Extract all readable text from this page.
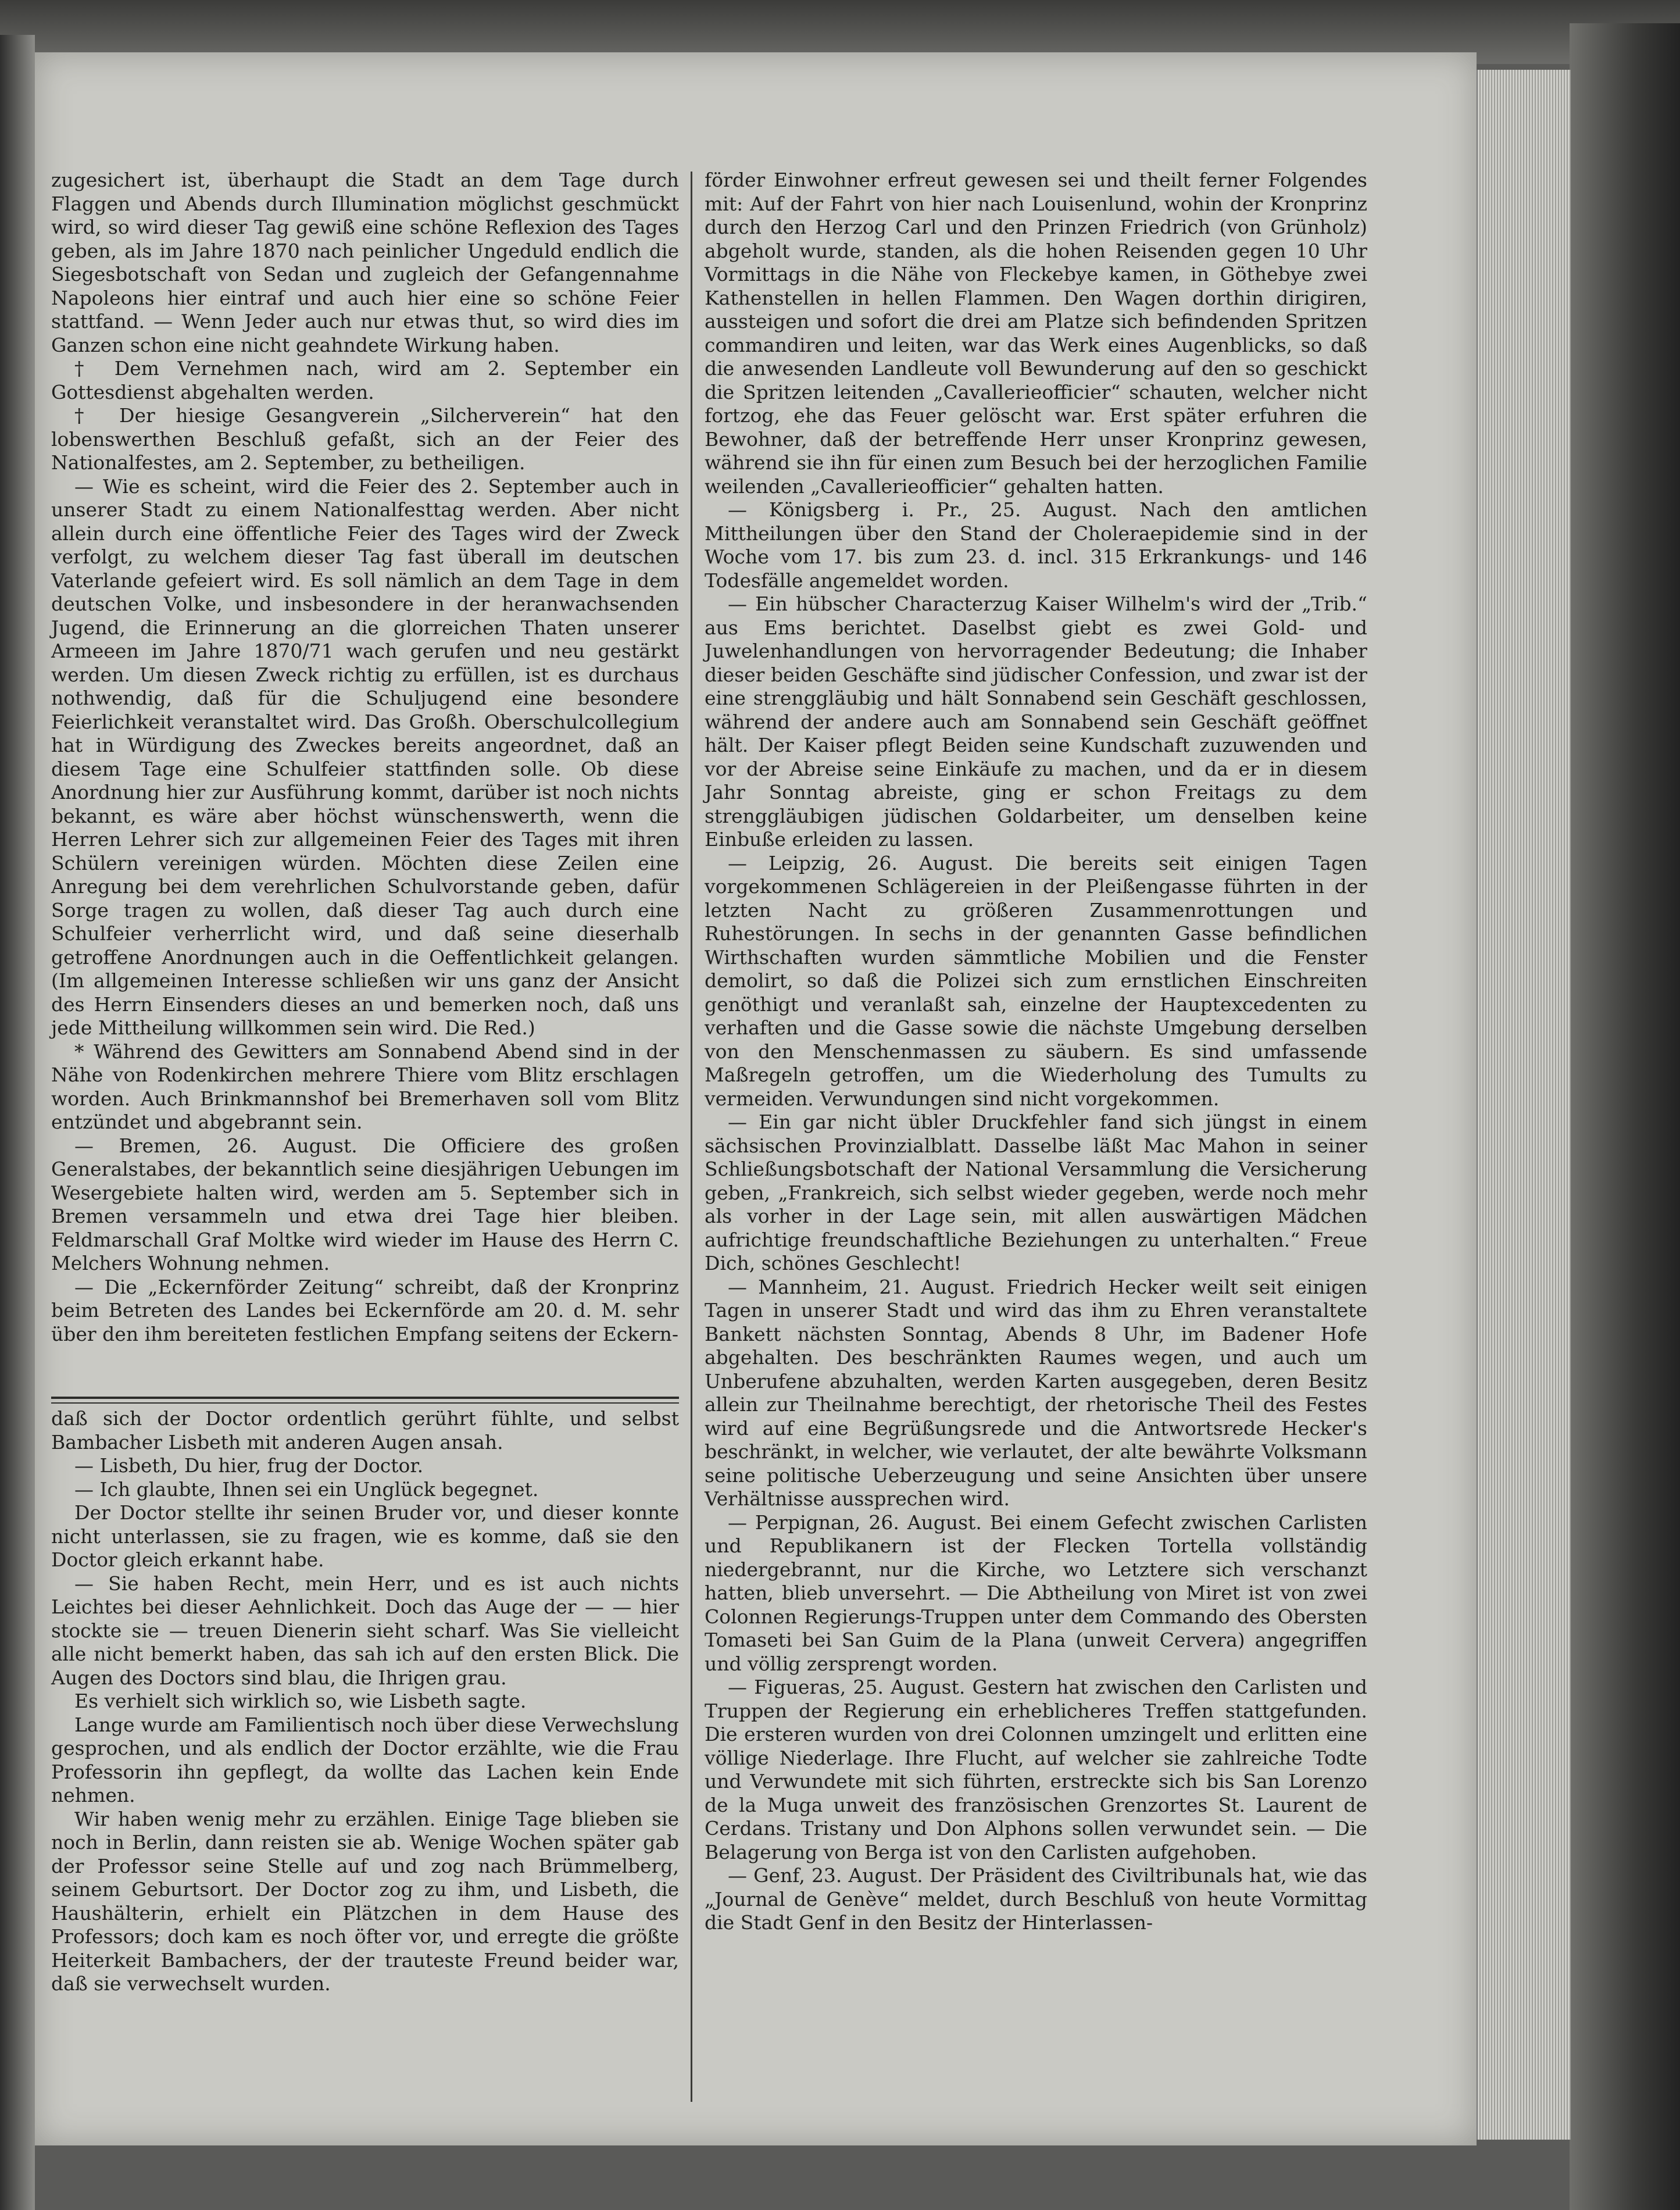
zugesichert ist, überhaupt die Stadt an dem Tage durch Flaggen und Abends durch Illumination möglichst geschmückt wird, so wird dieser Tag gewiß eine schöne Reflexion des Tages geben, als im Jahre 1870 nach peinlicher Ungeduld endlich die Siegesbotschaft von Sedan und zugleich der Gefangennahme Napoleons hier eintraf und auch hier eine so schöne Feier stattfand. — Wenn Jeder auch nur etwas thut, so wird dies im Ganzen schon eine nicht geahndete Wirkung haben.

† Dem Vernehmen nach, wird am 2. September ein Gottesdienst abgehalten werden.

† Der hiesige Gesangverein „Silcherverein“ hat den lobenswerthen Beschluß gefaßt, sich an der Feier des Nationalfestes, am 2. September, zu betheiligen.

— Wie es scheint, wird die Feier des 2. September auch in unserer Stadt zu einem Nationalfesttag werden. Aber nicht allein durch eine öffentliche Feier des Tages wird der Zweck verfolgt, zu welchem dieser Tag fast überall im deutschen Vaterlande gefeiert wird. Es soll nämlich an dem Tage in dem deutschen Volke, und insbesondere in der heranwachsenden Jugend, die Erinnerung an die glorreichen Thaten unserer Armeeen im Jahre 1870/71 wach gerufen und neu gestärkt werden. Um diesen Zweck richtig zu erfüllen, ist es durchaus nothwendig, daß für die Schuljugend eine besondere Feierlichkeit veranstaltet wird. Das Großh. Oberschulcollegium hat in Würdigung des Zweckes bereits angeordnet, daß an diesem Tage eine Schulfeier stattfinden solle. Ob diese Anordnung hier zur Ausführung kommt, darüber ist noch nichts bekannt, es wäre aber höchst wünschenswerth, wenn die Herren Lehrer sich zur allgemeinen Feier des Tages mit ihren Schülern vereinigen würden. Möchten diese Zeilen eine Anregung bei dem verehrlichen Schulvorstande geben, dafür Sorge tragen zu wollen, daß dieser Tag auch durch eine Schulfeier verherrlicht wird, und daß seine dieserhalb getroffene Anordnungen auch in die Oeffentlichkeit gelangen. (Im allgemeinen Interesse schließen wir uns ganz der Ansicht des Herrn Einsenders dieses an und bemerken noch, daß uns jede Mittheilung willkommen sein wird. Die Red.)

* Während des Gewitters am Sonnabend Abend sind in der Nähe von Rodenkirchen mehrere Thiere vom Blitz erschlagen worden. Auch Brinkmannshof bei Bremerhaven soll vom Blitz entzündet und abgebrannt sein.

— Bremen, 26. August. Die Officiere des großen Generalstabes, der bekanntlich seine diesjährigen Uebungen im Wesergebiete halten wird, werden am 5. September sich in Bremen versammeln und etwa drei Tage hier bleiben. Feldmarschall Graf Moltke wird wieder im Hause des Herrn C. Melchers Wohnung nehmen.

— Die „Eckernförder Zeitung“ schreibt, daß der Kronprinz beim Betreten des Landes bei Eckernförde am 20. d. M. sehr über den ihm bereiteten festlichen Empfang seitens der Eckern-

daß sich der Doctor ordentlich gerührt fühlte, und selbst Bambacher Lisbeth mit anderen Augen ansah.

— Lisbeth, Du hier, frug der Doctor.

— Ich glaubte, Ihnen sei ein Unglück begegnet.

Der Doctor stellte ihr seinen Bruder vor, und dieser konnte nicht unterlassen, sie zu fragen, wie es komme, daß sie den Doctor gleich erkannt habe.

— Sie haben Recht, mein Herr, und es ist auch nichts Leichtes bei dieser Aehnlichkeit. Doch das Auge der — — hier stockte sie — treuen Dienerin sieht scharf. Was Sie vielleicht alle nicht bemerkt haben, das sah ich auf den ersten Blick. Die Augen des Doctors sind blau, die Ihrigen grau.

Es verhielt sich wirklich so, wie Lisbeth sagte.

Lange wurde am Familientisch noch über diese Verwechslung gesprochen, und als endlich der Doctor erzählte, wie die Frau Professorin ihn gepflegt, da wollte das Lachen kein Ende nehmen.

Wir haben wenig mehr zu erzählen. Einige Tage blieben sie noch in Berlin, dann reisten sie ab. Wenige Wochen später gab der Professor seine Stelle auf und zog nach Brümmelberg, seinem Geburtsort. Der Doctor zog zu ihm, und Lisbeth, die Haushälterin, erhielt ein Plätzchen in dem Hause des Professors; doch kam es noch öfter vor, und erregte die größte Heiterkeit Bambachers, der der trauteste Freund beider war, daß sie verwechselt wurden.

förder Einwohner erfreut gewesen sei und theilt ferner Folgendes mit: Auf der Fahrt von hier nach Louisenlund, wohin der Kronprinz durch den Herzog Carl und den Prinzen Friedrich (von Grünholz) abgeholt wurde, standen, als die hohen Reisenden gegen 10 Uhr Vormittags in die Nähe von Fleckebye kamen, in Göthebye zwei Kathenstellen in hellen Flammen. Den Wagen dorthin dirigiren, aussteigen und sofort die drei am Platze sich befindenden Spritzen commandiren und leiten, war das Werk eines Augenblicks, so daß die anwesenden Landleute voll Bewunderung auf den so geschickt die Spritzen leitenden „Cavallerieofficier“ schauten, welcher nicht fortzog, ehe das Feuer gelöscht war. Erst später erfuhren die Bewohner, daß der betreffende Herr unser Kronprinz gewesen, während sie ihn für einen zum Besuch bei der herzoglichen Familie weilenden „Cavallerieofficier“ gehalten hatten.

— Königsberg i. Pr., 25. August. Nach den amtlichen Mittheilungen über den Stand der Choleraepidemie sind in der Woche vom 17. bis zum 23. d. incl. 315 Erkrankungs- und 146 Todesfälle angemeldet worden.

— Ein hübscher Characterzug Kaiser Wilhelm's wird der „Trib.“ aus Ems berichtet. Daselbst giebt es zwei Gold- und Juwelenhandlungen von hervorragender Bedeutung; die Inhaber dieser beiden Geschäfte sind jüdischer Confession, und zwar ist der eine strenggläubig und hält Sonnabend sein Geschäft geschlossen, während der andere auch am Sonnabend sein Geschäft geöffnet hält. Der Kaiser pflegt Beiden seine Kundschaft zuzuwenden und vor der Abreise seine Einkäufe zu machen, und da er in diesem Jahr Sonntag abreiste, ging er schon Freitags zu dem strenggläubigen jüdischen Goldarbeiter, um denselben keine Einbuße erleiden zu lassen.

— Leipzig, 26. August. Die bereits seit einigen Tagen vorgekommenen Schlägereien in der Pleißengasse führten in der letzten Nacht zu größeren Zusammenrottungen und Ruhestörungen. In sechs in der genannten Gasse befindlichen Wirthschaften wurden sämmtliche Mobilien und die Fenster demolirt, so daß die Polizei sich zum ernstlichen Einschreiten genöthigt und veranlaßt sah, einzelne der Hauptexcedenten zu verhaften und die Gasse sowie die nächste Umgebung derselben von den Menschenmassen zu säubern. Es sind umfassende Maßregeln getroffen, um die Wiederholung des Tumults zu vermeiden. Verwundungen sind nicht vorgekommen.

— Ein gar nicht übler Druckfehler fand sich jüngst in einem sächsischen Provinzialblatt. Dasselbe läßt Mac Mahon in seiner Schließungsbotschaft der National Versammlung die Versicherung geben, „Frankreich, sich selbst wieder gegeben, werde noch mehr als vorher in der Lage sein, mit allen auswärtigen Mädchen aufrichtige freundschaftliche Beziehungen zu unterhalten.“ Freue Dich, schönes Geschlecht!

— Mannheim, 21. August. Friedrich Hecker weilt seit einigen Tagen in unserer Stadt und wird das ihm zu Ehren veranstaltete Bankett nächsten Sonntag, Abends 8 Uhr, im Badener Hofe abgehalten. Des beschränkten Raumes wegen, und auch um Unberufene abzuhalten, werden Karten ausgegeben, deren Besitz allein zur Theilnahme berechtigt, der rhetorische Theil des Festes wird auf eine Begrüßungsrede und die Antwortsrede Hecker's beschränkt, in welcher, wie verlautet, der alte bewährte Volksmann seine politische Ueberzeugung und seine Ansichten über unsere Verhältnisse aussprechen wird.

— Perpignan, 26. August. Bei einem Gefecht zwischen Carlisten und Republikanern ist der Flecken Tortella vollständig niedergebrannt, nur die Kirche, wo Letztere sich verschanzt hatten, blieb unversehrt. — Die Abtheilung von Miret ist von zwei Colonnen Regierungs-Truppen unter dem Commando des Obersten Tomaseti bei San Guim de la Plana (unweit Cervera) angegriffen und völlig zersprengt worden.

— Figueras, 25. August. Gestern hat zwischen den Carlisten und Truppen der Regierung ein erheblicheres Treffen stattgefunden. Die ersteren wurden von drei Colonnen umzingelt und erlitten eine völlige Niederlage. Ihre Flucht, auf welcher sie zahlreiche Todte und Verwundete mit sich führten, erstreckte sich bis San Lorenzo de la Muga unweit des französischen Grenzortes St. Laurent de Cerdans. Tristany und Don Alphons sollen verwundet sein. — Die Belagerung von Berga ist von den Carlisten aufgehoben.

— Genf, 23. August. Der Präsident des Civiltribunals hat, wie das „Journal de Genève“ meldet, durch Beschluß von heute Vormittag die Stadt Genf in den Besitz der Hinterlassen-
